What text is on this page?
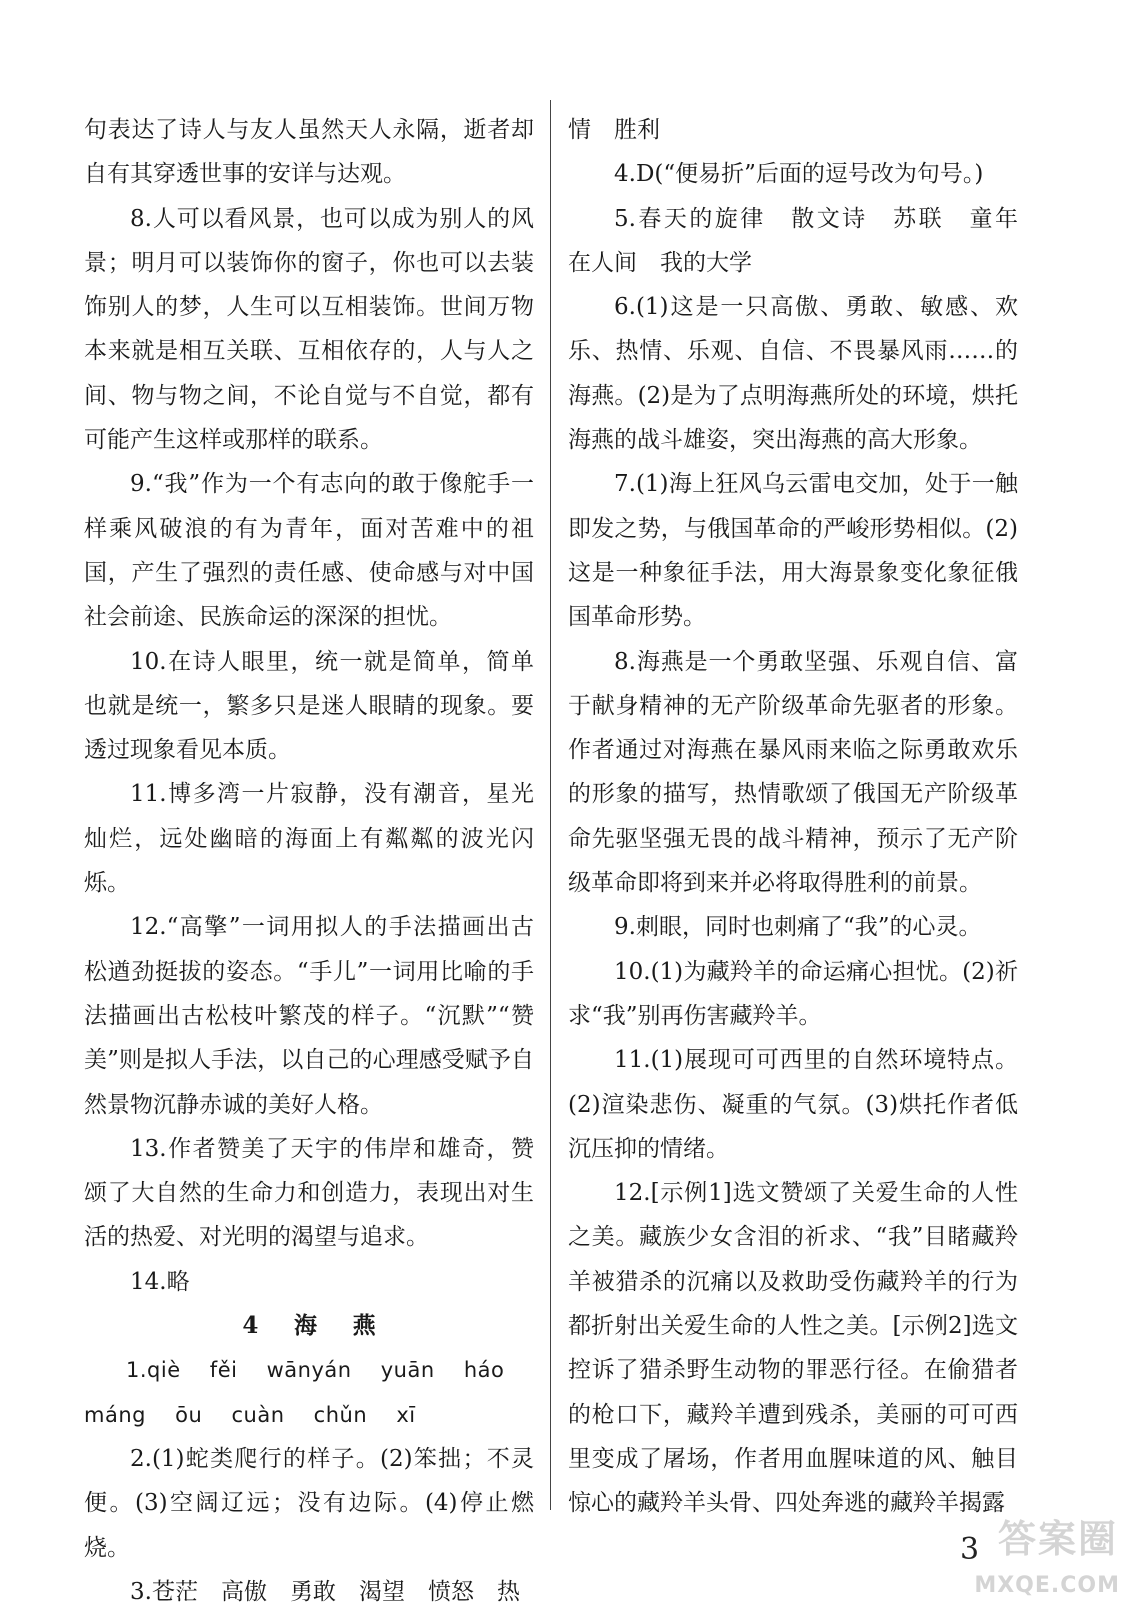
句表达了诗人与友人虽然天人永隔，逝者却自有其穿透世事的安详与达观。

8.人可以看风景，也可以成为别人的风景；明月可以装饰你的窗子，你也可以去装饰别人的梦，人生可以互相装饰。世间万物本来就是相互关联、互相依存的，人与人之间、物与物之间，不论自觉与不自觉，都有可能产生这样或那样的联系。

9.“我”作为一个有志向的敢于像舵手一样乘风破浪的有为青年，面对苦难中的祖国，产生了强烈的责任感、使命感与对中国社会前途、民族命运的深深的担忧。

10.在诗人眼里，统一就是简单，简单也就是统一，繁多只是迷人眼睛的现象。要透过现象看见本质。

11.博多湾一片寂静，没有潮音，星光灿烂，远处幽暗的海面上有粼粼的波光闪烁。

12.“高擎”一词用拟人的手法描画出古松遒劲挺拔的姿态。“手儿”一词用比喻的手法描画出古松枝叶繁茂的样子。“沉默”“赞美”则是拟人手法，以自己的心理感受赋予自然景物沉静赤诚的美好人格。

13.作者赞美了天宇的伟岸和雄奇，赞颂了大自然的生命力和创造力，表现出对生活的热爱、对光明的渴望与追求。

14.略

4 海 燕

1.qiè fěi wānyán yuān háo

máng ōu cuàn chǔn xī

2.(1)蛇类爬行的样子。(2)笨拙；不灵便。(3)空阔辽远；没有边际。(4)停止燃烧。

3.苍茫　高傲　勇敢　渴望　愤怒　热

情　胜利

4.D(“便易折”后面的逗号改为句号。)

5.春天的旋律　散文诗　苏联　童年　在人间　我的大学

6.(1)这是一只高傲、勇敢、敏感、欢乐、热情、乐观、自信、不畏暴风雨……的海燕。(2)是为了点明海燕所处的环境，烘托海燕的战斗雄姿，突出海燕的高大形象。

7.(1)海上狂风乌云雷电交加，处于一触即发之势，与俄国革命的严峻形势相似。(2)这是一种象征手法，用大海景象变化象征俄国革命形势。

8.海燕是一个勇敢坚强、乐观自信、富于献身精神的无产阶级革命先驱者的形象。作者通过对海燕在暴风雨来临之际勇敢欢乐的形象的描写，热情歌颂了俄国无产阶级革命先驱坚强无畏的战斗精神，预示了无产阶级革命即将到来并必将取得胜利的前景。

9.刺眼，同时也刺痛了“我”的心灵。

10.(1)为藏羚羊的命运痛心担忧。(2)祈求“我”别再伤害藏羚羊。

11.(1)展现可可西里的自然环境特点。(2)渲染悲伤、凝重的气氛。(3)烘托作者低沉压抑的情绪。

12.[示例1]选文赞颂了关爱生命的人性之美。藏族少女含泪的祈求、“我”目睹藏羚羊被猎杀的沉痛以及救助受伤藏羚羊的行为都折射出关爱生命的人性之美。[示例2]选文控诉了猎杀野生动物的罪恶行径。在偷猎者的枪口下，藏羚羊遭到残杀，美丽的可可西里变成了屠场，作者用血腥味道的风、触目惊心的藏羚羊头骨、四处奔逃的藏羚羊揭露

3 答案圈
MXQE.COM
